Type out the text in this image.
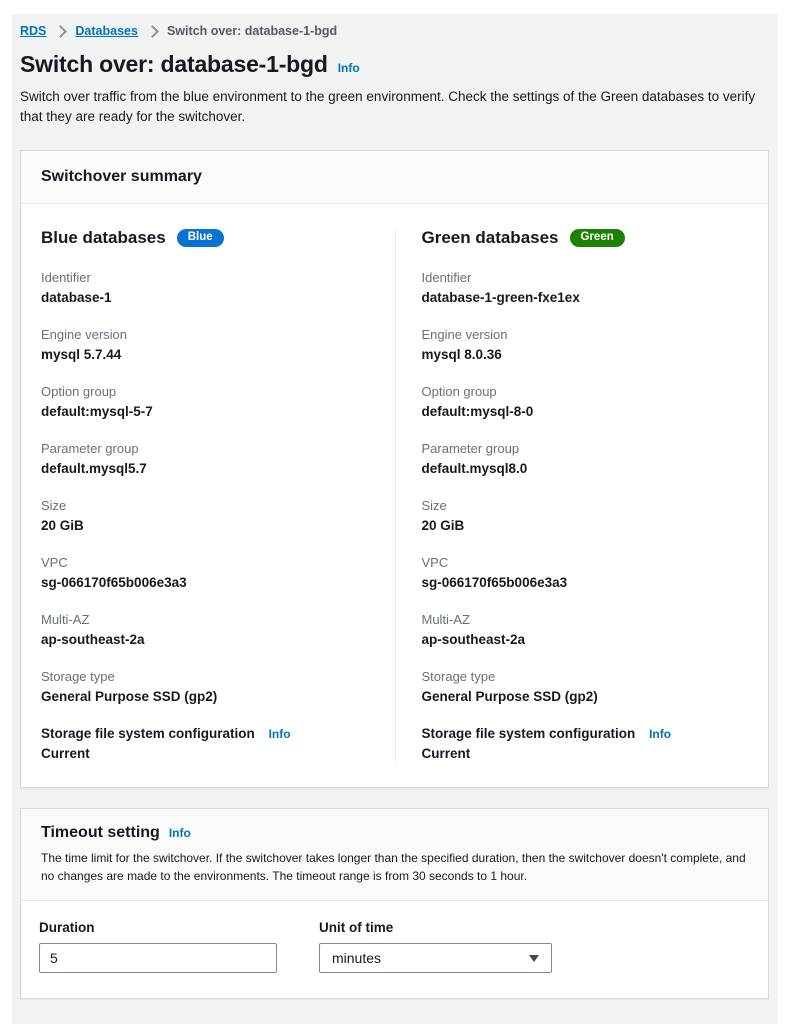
RDS Databases Switch over: database-1-bgd
Switch over: database-1-bgd Info
Switch over traffic from the blue environment to the green environment. Check the settings of the Green databases to verify that they are ready for the switchover.
Switchover summary
Blue databases	Blue
Identifier
database-1
Engine version
mysql 5.7.44
Option group
default:mysql-5-7
Parameter group
default.mysql5.7
Size
20 GiB
VPC
sg-066170f65b006e3a3
Multi-AZ
ap-southeast-2a
Storage type
General Purpose SSD (gp2)
Storage file system configuration Info
Current
Green databases	Green
Identifier
database-1-green-fxe1ex
Engine version
mysql 8.0.36
Option group
default:mysql-8-0
Parameter group
default.mysql8.0
Size
20 GiB
VPC
sg-066170f65b006e3a3
Multi-AZ
ap-southeast-2a
Storage type
General Purpose SSD (gp2)
Storage file system configuration Info
Current
Timeout setting Info
The time limit for the switchover. If the switchover takes longer than the specified duration, then the switchover doesn't complete, and no changes are made to the environments. The timeout range is from 30 seconds to 1 hour.
Duration
5	Unit of time
minutes
